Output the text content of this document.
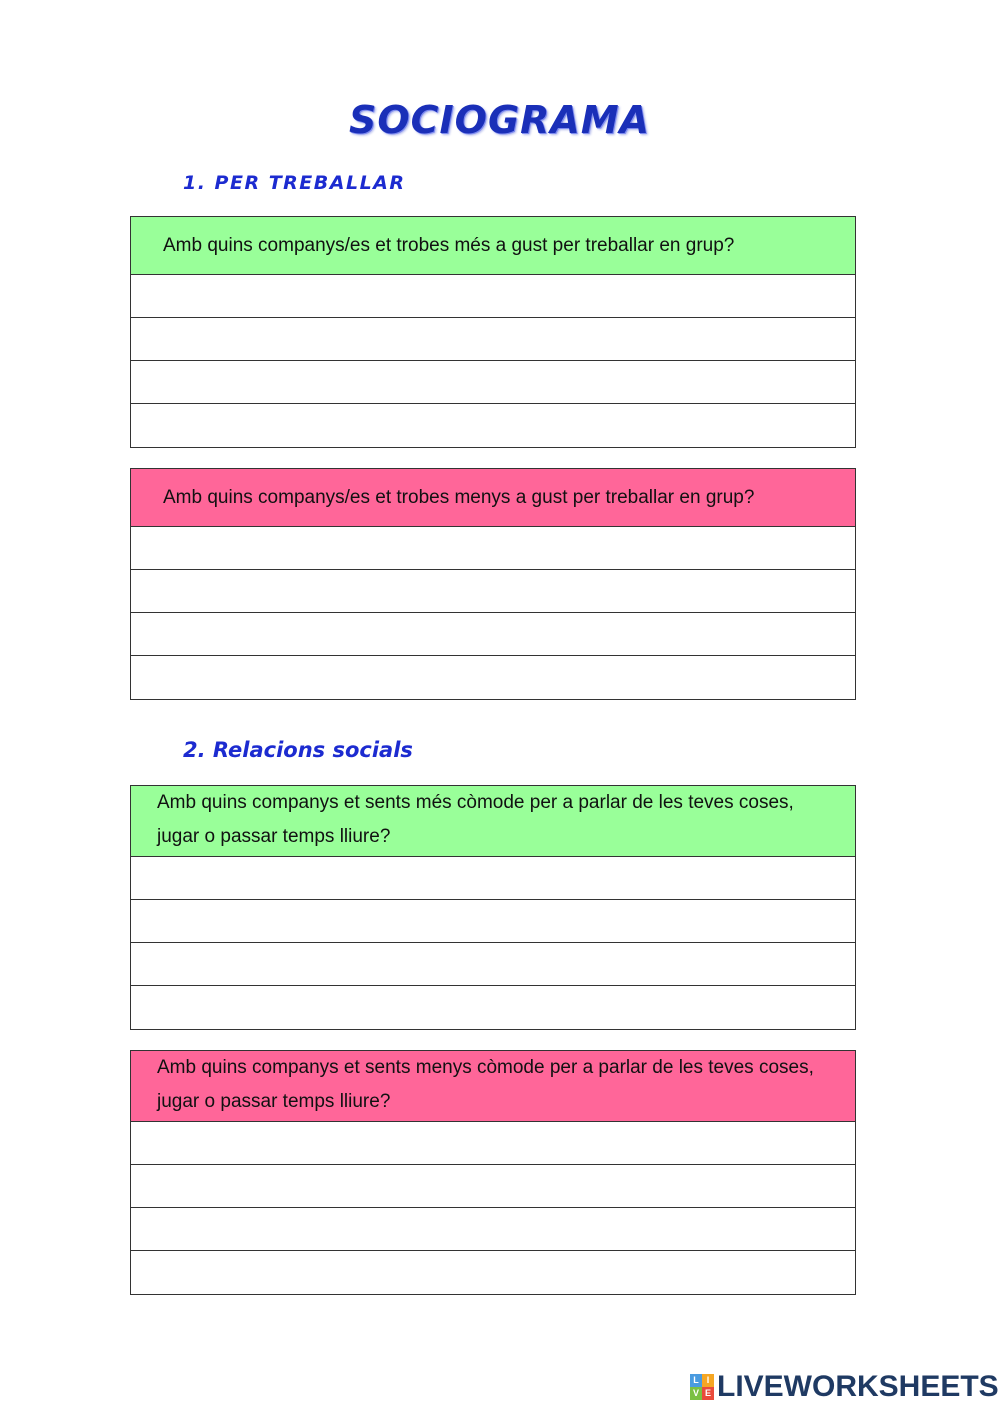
SOCIOGRAMA
1. PER TREBALLAR
Amb quins companys/es et trobes més a gust per treballar en grup?
Amb quins companys/es et trobes menys a gust per treballar en grup?
2. Relacions socials
Amb quins companys et sents més còmode per a parlar de les teves coses,
jugar o passar temps lliure?
Amb quins companys et sents menys còmode per a parlar de les teves coses,
jugar o passar temps lliure?
L I
V E LIVEWORKSHEETS
